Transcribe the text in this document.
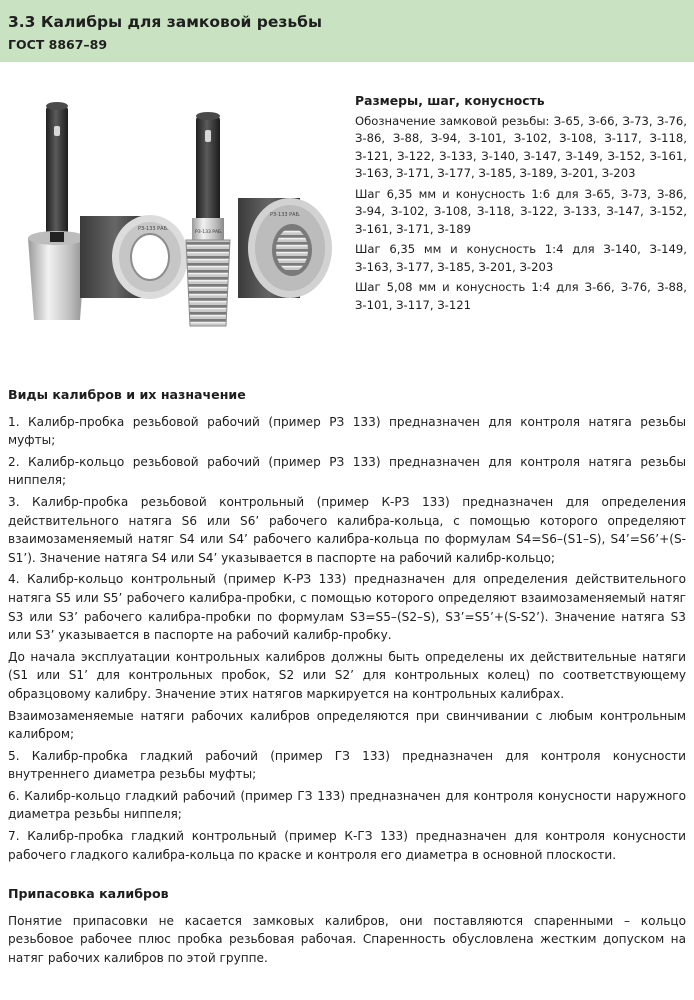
3.3 Калибры для замковой резьбы
ГОСТ 8867–89
РЗ-133 РАБ.
РЗ-133 РАБ.
РЗ-133 РАБ.
Размеры, шаг, конусность

Обозначение замковой резьбы: З-65, З-66, З-73, З-76, З-86, З-88, З-94, З-101, З-102, З-108, З-117, З-118, З-121, З-122, З-133, З-140, З-147, З-149, З-152, З-161, З-163, З-171, З-177, З-185, З-189, З-201, З-203

Шаг 6,35 мм и конусность 1:6 для З-65, З-73, З-86, З-94, З-102, З-108, З-118, З-122, З-133, З-147, З-152, З-161, З-171, З-189

Шаг 6,35 мм и конусность 1:4 для З-140, З-149, З-163, З-177, З-185, З-201, З-203

Шаг 5,08 мм и конусность 1:4 для З-66, З-76, З-88, З-101, З-117, З-121

Виды калибров и их назначение

1. Калибр-пробка резьбовой рабочий (пример РЗ 133) предназначен для контроля натяга резьбы муфты;

2. Калибр-кольцо резьбовой рабочий (пример РЗ 133) предназначен для контроля натяга резьбы ниппеля;

3. Калибр-пробка резьбовой контрольный (пример К-РЗ 133) предназначен для определения действительного натяга S6 или S6’ рабочего калибра-кольца, с помощью которого определяют взаимозаменяемый натяг S4 или S4’ рабочего калибра-кольца по формулам S4=S6–(S1–S), S4’=S6’+(S-S1’). Значение натяга S4 или S4’ указывается в паспорте на рабочий калибр-кольцо;

4. Калибр-кольцо контрольный (пример К-РЗ 133) предназначен для определения действительного натяга S5 или S5’ рабочего калибра-пробки, с помощью которого определяют взаимозаменяемый натяг S3 или S3’ рабочего калибра-пробки по формулам S3=S5–(S2–S), S3’=S5’+(S-S2’). Значение натяга S3 или S3’ указывается в паспорте на рабочий калибр-пробку.

До начала эксплуатации контрольных калибров должны быть определены их действительные натяги (S1 или S1’ для контрольных пробок, S2 или S2’ для контрольных колец) по соответствующему образцовому калибру. Значение этих натягов маркируется на контрольных калибрах.

Взаимозаменяемые натяги рабочих калибров определяются при свинчивании с любым контрольным калибром;

5. Калибр-пробка гладкий рабочий (пример ГЗ 133) предназначен для контроля конусности внутреннего диаметра резьбы муфты;

6. Калибр-кольцо гладкий рабочий (пример ГЗ 133) предназначен для контроля конусности наружного диаметра резьбы ниппеля;

7. Калибр-пробка гладкий контрольный (пример К-ГЗ 133) предназначен для контроля конусности рабочего гладкого калибра-кольца по краске и контроля его диаметра в основной плоскости.

Припасовка калибров

Понятие припасовки не касается замковых калибров, они поставляются спаренными – кольцо резьбовое рабочее плюс пробка резьбовая рабочая. Спаренность обусловлена жестким допуском на натяг рабочих калибров по этой группе.
